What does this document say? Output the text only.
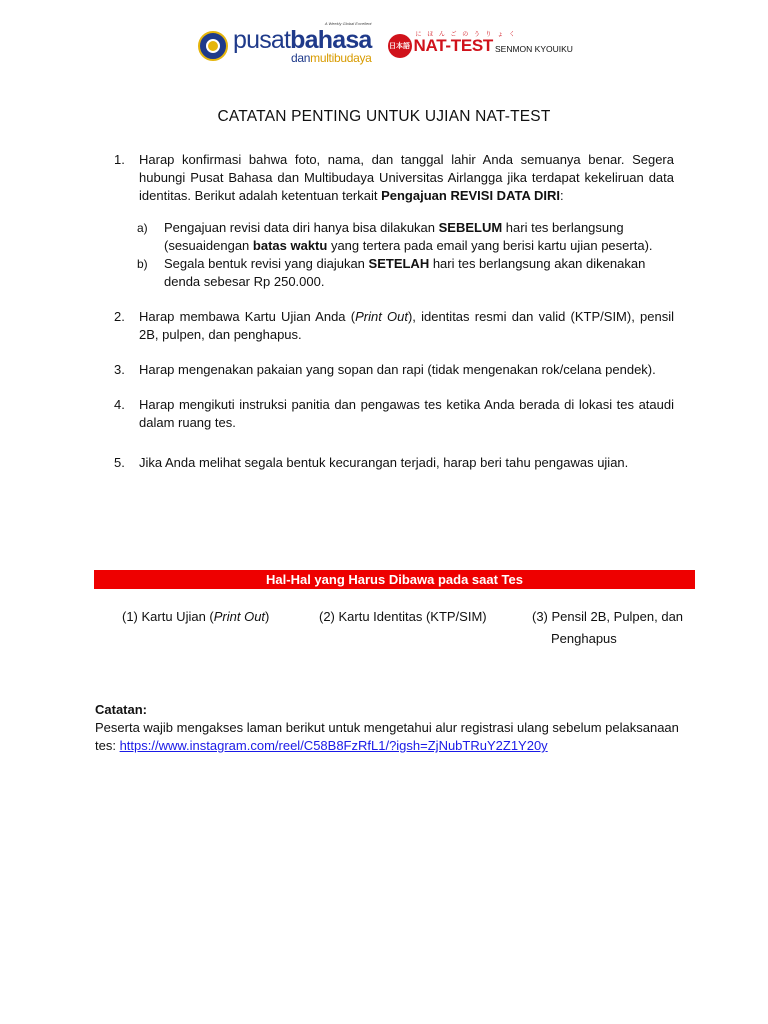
A Weekly Global Excellent
pusatbahasa
danmultibudaya
日本語
に ほ ん ご の う り ょ く
NAT-TEST SENMON KYOUIKU
CATATAN PENTING UNTUK UJIAN NAT-TEST
1.	Harap konfirmasi bahwa foto, nama, dan tanggal lahir Anda semuanya benar. Segera hubungi Pusat Bahasa dan Multibudaya Universitas Airlangga jika terdapat kekeliruan data identitas. Berikut adalah ketentuan terkait Pengajuan REVISI DATA DIRI:
a)	Pengajuan revisi data diri hanya bisa dilakukan SEBELUM hari tes berlangsung (sesuaidengan batas waktu yang tertera pada email yang berisi kartu ujian peserta).
b)	Segala bentuk revisi yang diajukan SETELAH hari tes berlangsung akan dikenakan denda sebesar Rp 250.000.
2.	Harap membawa Kartu Ujian Anda (Print Out), identitas resmi dan valid (KTP/SIM), pensil 2B, pulpen, dan penghapus.
3.	Harap mengenakan pakaian yang sopan dan rapi (tidak mengenakan rok/celana pendek).
4.	Harap mengikuti instruksi panitia dan pengawas tes ketika Anda berada di lokasi tes ataudi dalam ruang tes.
5.	Jika Anda melihat segala bentuk kecurangan terjadi, harap beri tahu pengawas ujian.
Hal-Hal yang Harus Dibawa pada saat Tes
(1) Kartu Ujian (Print Out)	(2) Kartu Identitas (KTP/SIM)	(3) Pensil 2B, Pulpen, dan
Penghapus
Catatan:
Peserta wajib mengakses laman berikut untuk mengetahui alur registrasi ulang sebelum pelaksanaan tes: https://www.instagram.com/reel/C58B8FzRfL1/?igsh=ZjNubTRuY2Z1Y20y
